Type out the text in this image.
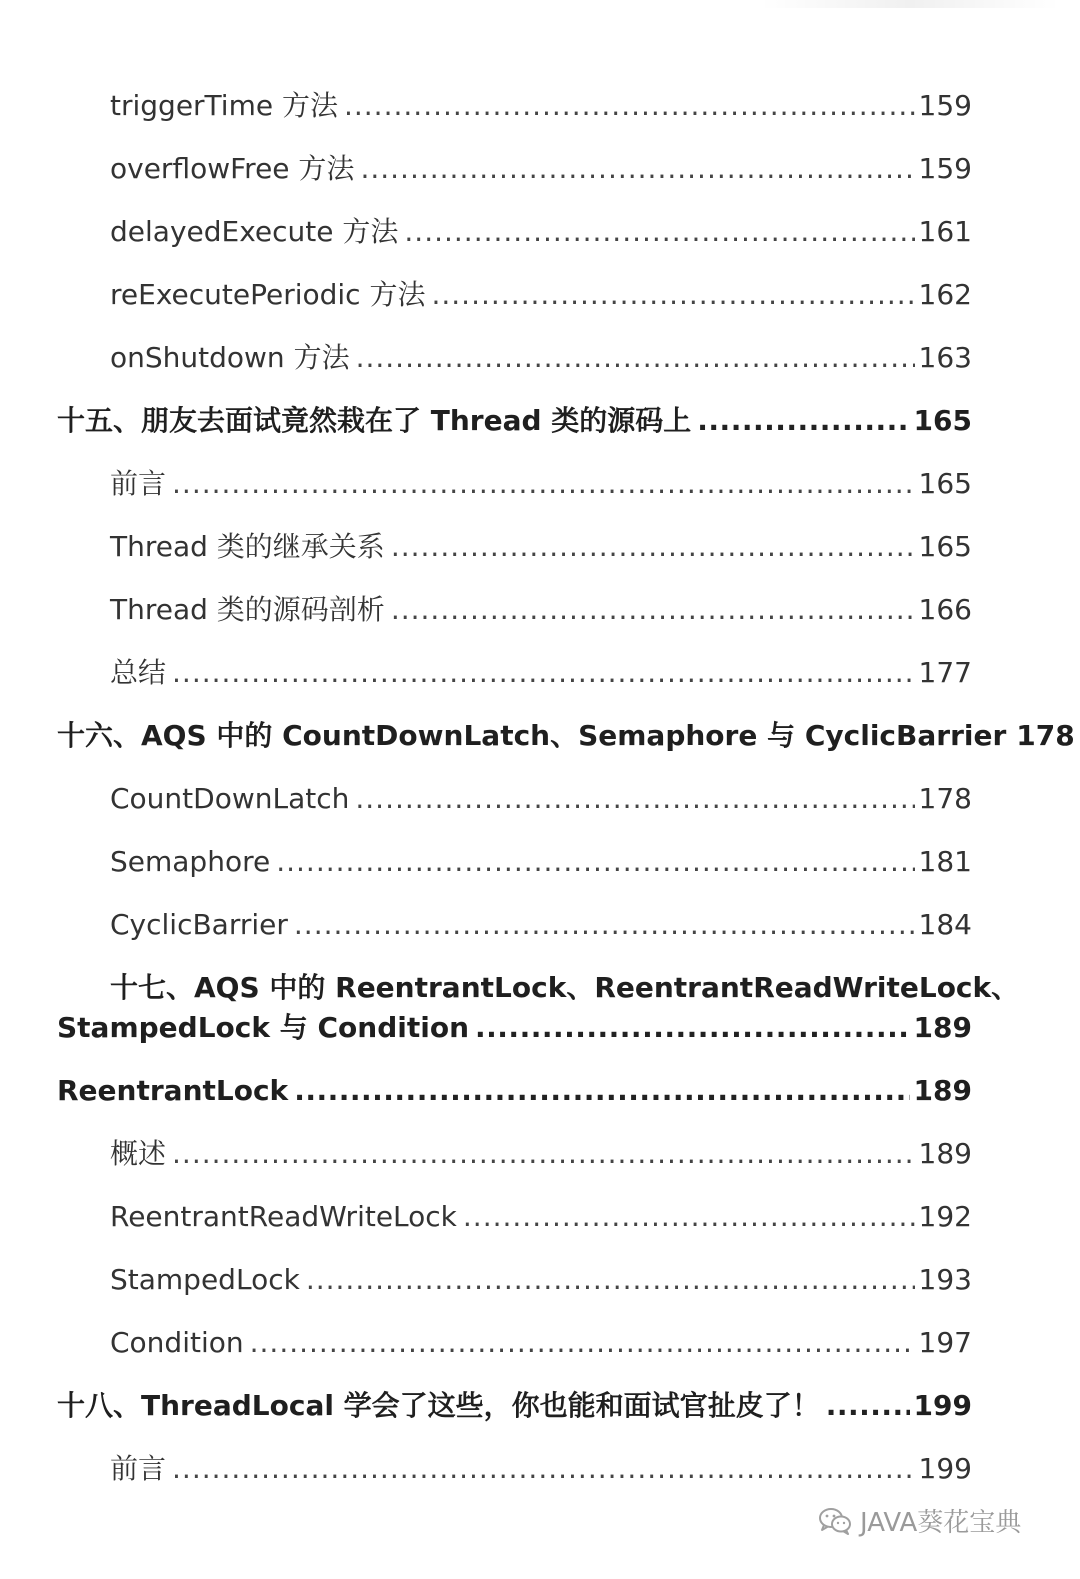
triggerTime 方法 .....	159
overflowFree 方法 .....	159
delayedExecute 方法 .....	161
reExecutePeriodic 方法 .....	162
onShutdown 方法 .....	163
十五、朋友去面试竟然栽在了 Thread 类的源码上 .....	165
前言 .....	165
Thread 类的继承关系 .....	165
Thread 类的源码剖析 .....	166
总结 .....	177
十六、AQS 中的 CountDownLatch、Semaphore 与 CyclicBarrier 178
CountDownLatch .....	178
Semaphore .....	181
CyclicBarrier .....	184
十七、AQS 中的 ReentrantLock、ReentrantReadWriteLock、
StampedLock 与 Condition .....	189
ReentrantLock .....	189
概述 .....	189
ReentrantReadWriteLock .....	192
StampedLock .....	193
Condition .....	197
十八、ThreadLocal 学会了这些，你也能和面试官扯皮了！ .....	199
前言 .....	199
JAVA葵花宝典
